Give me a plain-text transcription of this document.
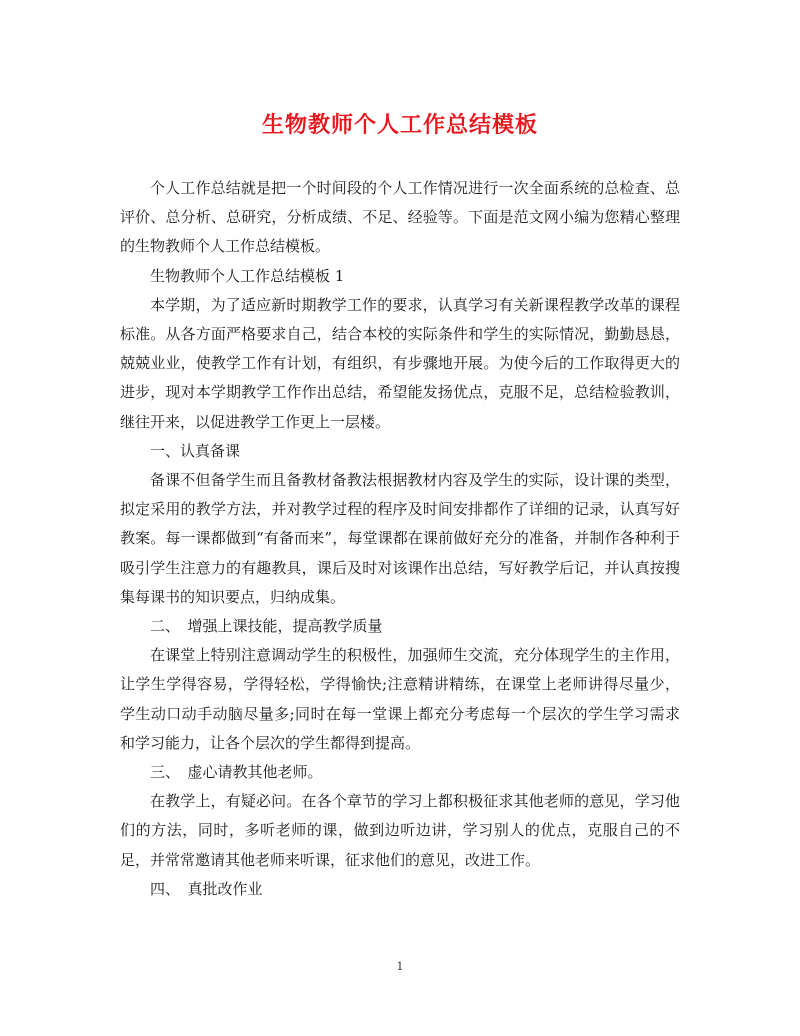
生物教师个人工作总结模板

个人工作总结就是把一个时间段的个人工作情况进行一次全面系统的总检查、总评价、总分析、总研究，分析成绩、不足、经验等。下面是范文网小编为您精心整理的生物教师个人工作总结模板。

生物教师个人工作总结模板 1

本学期，为了适应新时期教学工作的要求，认真学习有关新课程教学改革的课程标准。从各方面严格要求自己，结合本校的实际条件和学生的实际情况，勤勤恳恳，兢兢业业，使教学工作有计划，有组织，有步骤地开展。为使今后的工作取得更大的进步，现对本学期教学工作作出总结，希望能发扬优点，克服不足，总结检验教训，继往开来，以促进教学工作更上一层楼。

一、认真备课

备课不但备学生而且备教材备教法根据教材内容及学生的实际，设计课的类型，拟定采用的教学方法，并对教学过程的程序及时间安排都作了详细的记录，认真写好教案。每一课都做到“有备而来”，每堂课都在课前做好充分的准备，并制作各种利于吸引学生注意力的有趣教具，课后及时对该课作出总结，写好教学后记，并认真按搜集每课书的知识要点，归纳成集。

二、　增强上课技能，提高教学质量

在课堂上特别注意调动学生的积极性，加强师生交流，充分体现学生的主作用，让学生学得容易，学得轻松，学得愉快;注意精讲精练，在课堂上老师讲得尽量少，学生动口动手动脑尽量多;同时在每一堂课上都充分考虑每一个层次的学生学习需求和学习能力，让各个层次的学生都得到提高。

三、　虚心请教其他老师。

在教学上，有疑必问。在各个章节的学习上都积极征求其他老师的意见，学习他们的方法，同时，多听老师的课，做到边听边讲，学习别人的优点，克服自己的不足，并常常邀请其他老师来听课，征求他们的意见，改进工作。

四、　真批改作业

1
